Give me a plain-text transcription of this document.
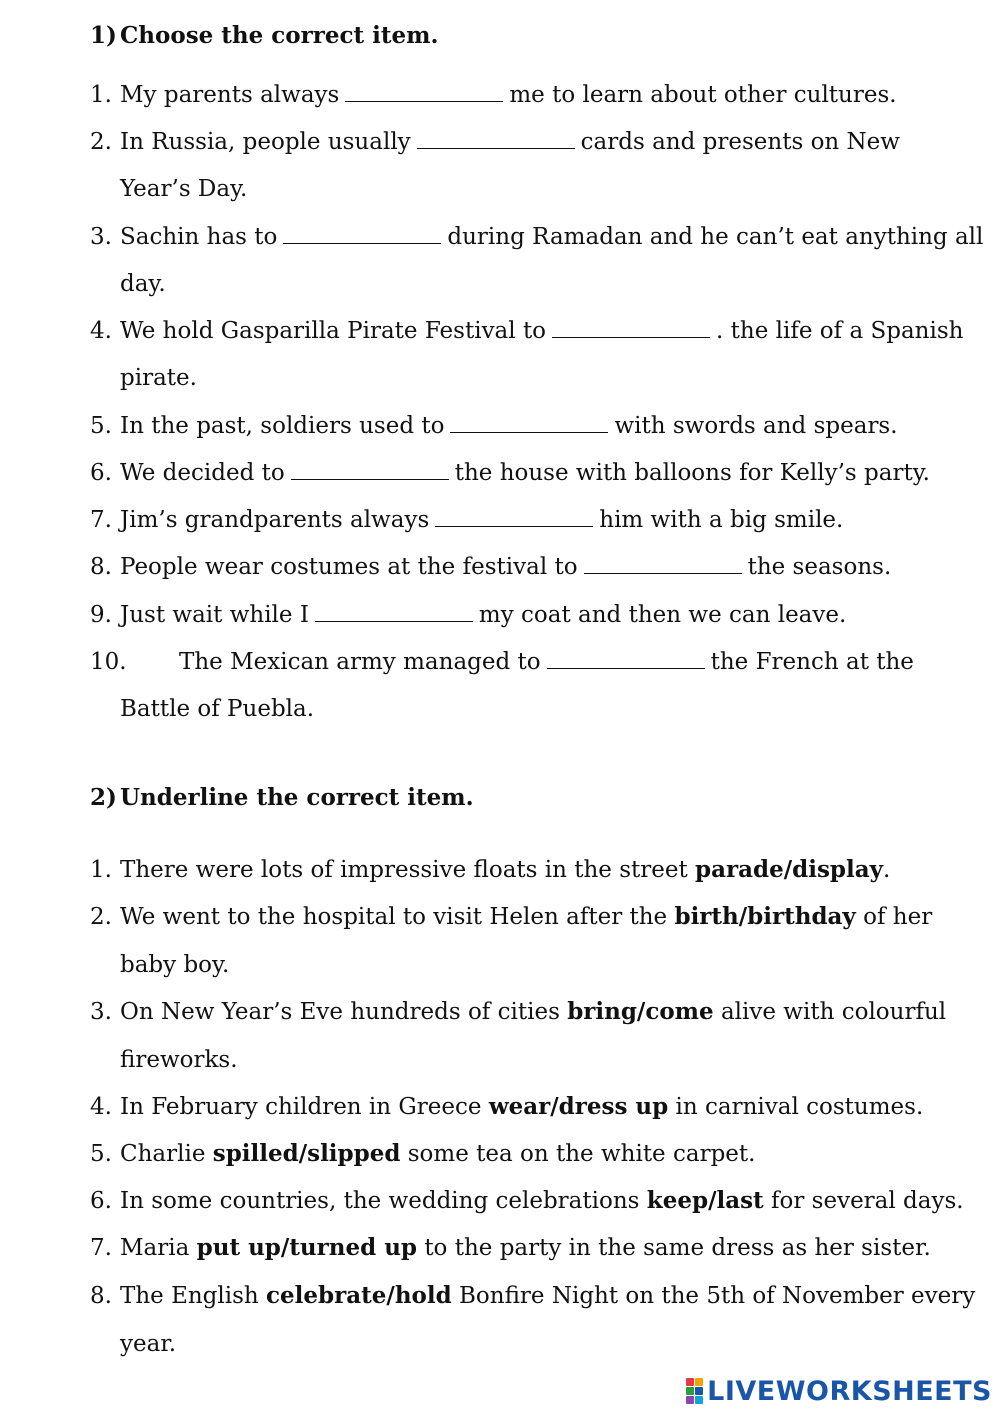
1) Choose the correct item.
1. My parents always	me to learn about other cultures.
2. In Russia, people usually	cards and presents on New
Year’s Day.
3. Sachin has to	during Ramadan and he can’t eat anything all
day.
4. We hold Gasparilla Pirate Festival to	. the life of a Spanish
pirate.
5. In the past, soldiers used to	with swords and spears.
6. We decided to	the house with balloons for Kelly’s party.
7. Jim’s grandparents always	him with a big smile.
8. People wear costumes at the festival to	the seasons.
9. Just wait while I	my coat and then we can leave.
10. The Mexican army managed to	the French at the
Battle of Puebla.
2) Underline the correct item.
1. There were lots of impressive floats in the street parade/display.
2. We went to the hospital to visit Helen after the birth/birthday of her
baby boy.
3. On New Year’s Eve hundreds of cities bring/come alive with colourful
fireworks.
4. In February children in Greece wear/dress up in carnival costumes.
5. Charlie spilled/slipped some tea on the white carpet.
6. In some countries, the wedding celebrations keep/last for several days.
7. Maria put up/turned up to the party in the same dress as her sister.
8. The English celebrate/hold Bonfire Night on the 5th of November every
year.
LIVEWORKSHEETS
